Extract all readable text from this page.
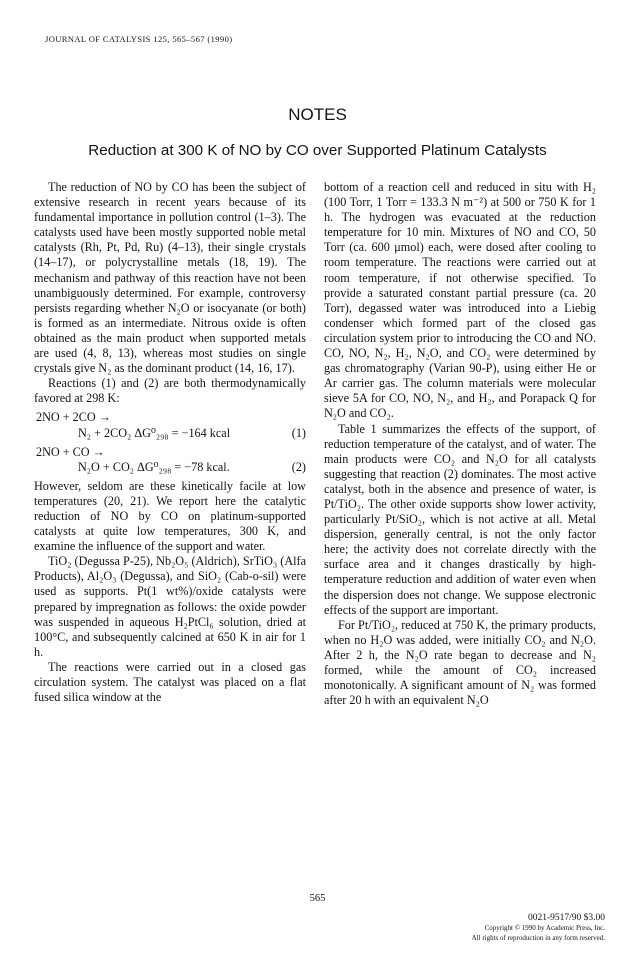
JOURNAL OF CATALYSIS 125, 565–567 (1990)
NOTES
Reduction at 300 K of NO by CO over Supported Platinum Catalysts

The reduction of NO by CO has been the subject of extensive research in recent years because of its fundamental importance in pollution control (1–3). The catalysts used have been mostly supported noble metal catalysts (Rh, Pt, Pd, Ru) (4–13), their single crystals (14–17), or polycrystalline metals (18, 19). The mechanism and pathway of this reaction have not been unambiguously determined. For example, controversy persists regarding whether N₂O or isocyanate (or both) is formed as an intermediate. Nitrous oxide is often obtained as the main product when supported metals are used (4, 8, 13), whereas most studies on single crystals give N₂ as the dominant product (14, 16, 17).

Reactions (1) and (2) are both thermodynamically favored at 298 K:

2NO + 2CO →
N₂ + 2CO₂ ΔG⁰₂₉₈ = −164 kcal	(1)
2NO + CO →
N₂O + CO₂ ΔG⁰₂₉₈ = −78 kcal.	(2)

However, seldom are these kinetically facile at low temperatures (20, 21). We report here the catalytic reduction of NO by CO on platinum-supported catalysts at quite low temperatures, 300 K, and examine the influence of the support and water.

TiO₂ (Degussa P-25), Nb₂O₅ (Aldrich), SrTiO₃ (Alfa Products), Al₂O₃ (Degussa), and SiO₂ (Cab-o-sil) were used as supports. Pt(1 wt%)/oxide catalysts were prepared by impregnation as follows: the oxide powder was suspended in aqueous H₂PtCl₆ solution, dried at 100°C, and subsequently calcined at 650 K in air for 1 h.

The reactions were carried out in a closed gas circulation system. The catalyst was placed on a flat fused silica window at the

bottom of a reaction cell and reduced in situ with H₂ (100 Torr, 1 Torr = 133.3 N m⁻²) at 500 or 750 K for 1 h. The hydrogen was evacuated at the reduction temperature for 10 min. Mixtures of NO and CO, 50 Torr (ca. 600 μmol) each, were dosed after cooling to room temperature. The reactions were carried out at room temperature, if not otherwise specified. To provide a saturated constant partial pressure (ca. 20 Torr), degassed water was introduced into a Liebig condenser which formed part of the closed gas circulation system prior to introducing the CO and NO. CO, NO, N₂, H₂, N₂O, and CO₂ were determined by gas chromatography (Varian 90-P), using either He or Ar carrier gas. The column materials were molecular sieve 5A for CO, NO, N₂, and H₂, and Porapack Q for N₂O and CO₂.

Table 1 summarizes the effects of the support, of reduction temperature of the catalyst, and of water. The main products were CO₂ and N₂O for all catalysts suggesting that reaction (2) dominates. The most active catalyst, both in the absence and presence of water, is Pt/TiO₂. The other oxide supports show lower activity, particularly Pt/SiO₂, which is not active at all. Metal dispersion, generally central, is not the only factor here; the activity does not correlate directly with the surface area and it changes drastically by high-temperature reduction and addition of water even when the dispersion does not change. We suppose electronic effects of the support are important.

For Pt/TiO₂, reduced at 750 K, the primary products, when no H₂O was added, were initially CO₂ and N₂O. After 2 h, the N₂O rate began to decrease and N₂ formed, while the amount of CO₂ increased monotonically. A significant amount of N₂ was formed after 20 h with an equivalent N₂O

565
0021-9517/90 $3.00
Copyright © 1990 by Academic Press, Inc.
All rights of reproduction in any form reserved.
